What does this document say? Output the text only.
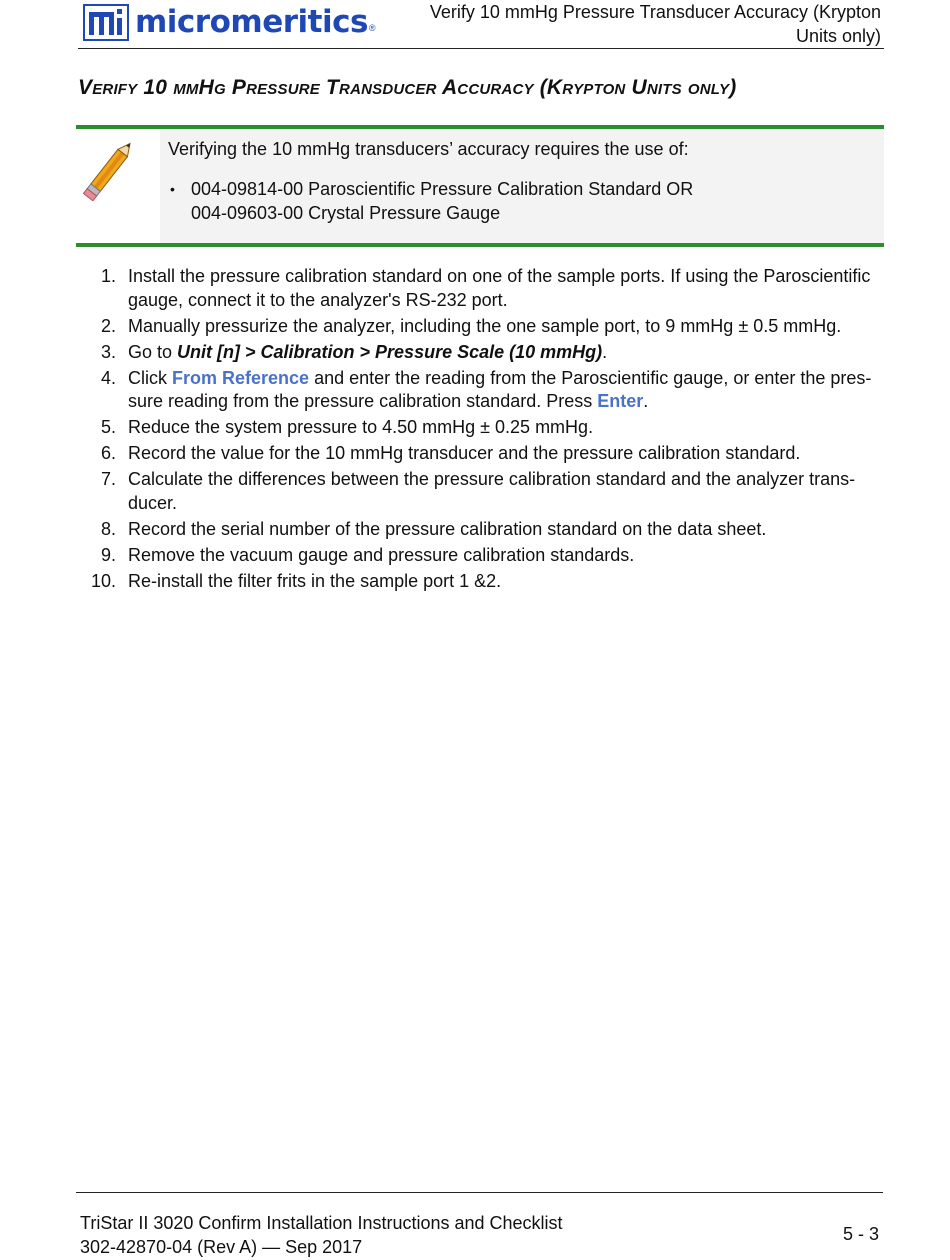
micromeritics ®
Verify 10 mmHg Pressure Transducer Accuracy (Krypton
Units only)
Verify 10 mmHg Pressure Transducer Accuracy (Krypton Units only)

Verifying the 10 mmHg transducers’ accuracy requires the use of:

• 004-09814-00 Paroscientific Pressure Calibration Standard OR
004-09603-00 Crystal Pressure Gauge
1. Install the pressure calibration standard on one of the sample ports. If using the Paroscientific
gauge, connect it to the analyzer's RS-232 port.
2. Manually pressurize the analyzer, including the one sample port, to 9 mmHg ± 0.5 mmHg.
3. Go to Unit [n] > Calibration > Pressure Scale (10 mmHg).
4. Click From Reference and enter the reading from the Paroscientific gauge, or enter the pres-
sure reading from the pressure calibration standard. Press Enter.
5. Reduce the system pressure to 4.50 mmHg ± 0.25 mmHg.
6. Record the value for the 10 mmHg transducer and the pressure calibration standard.
7. Calculate the differences between the pressure calibration standard and the analyzer trans-
ducer.
8. Record the serial number of the pressure calibration standard on the data sheet.
9. Remove the vacuum gauge and pressure calibration standards.
10. Re-install the filter frits in the sample port 1 &2.
TriStar II 3020 Confirm Installation Instructions and Checklist
302-42870-04 (Rev A) — Sep 2017
5 - 3
